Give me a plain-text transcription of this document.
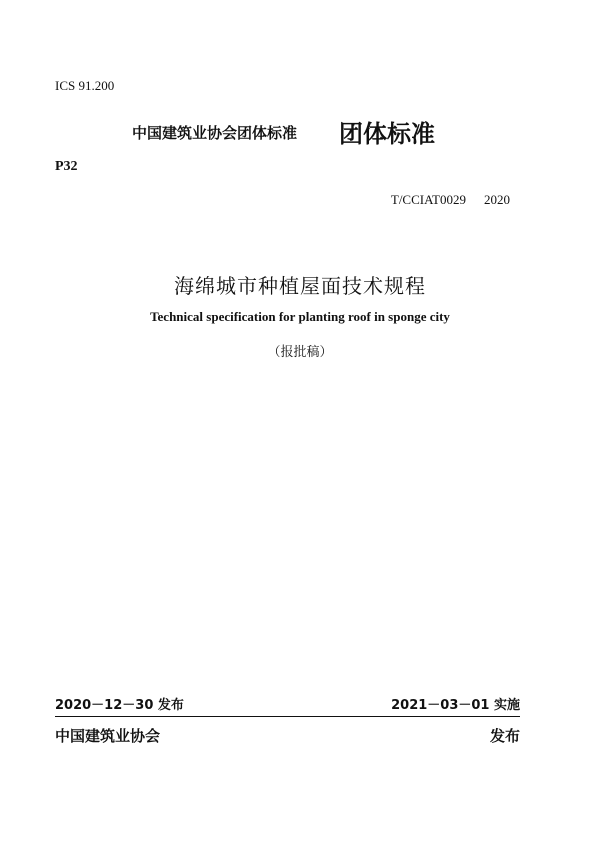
ICS 91.200
中国建筑业协会团体标准 团体标准
P32
T/CCIAT0029 2020
海绵城市种植屋面技术规程
Technical specification for planting roof in sponge city
（报批稿）
2020－12－30 发布	2021－03－01 实施
中国建筑业协会	发布
